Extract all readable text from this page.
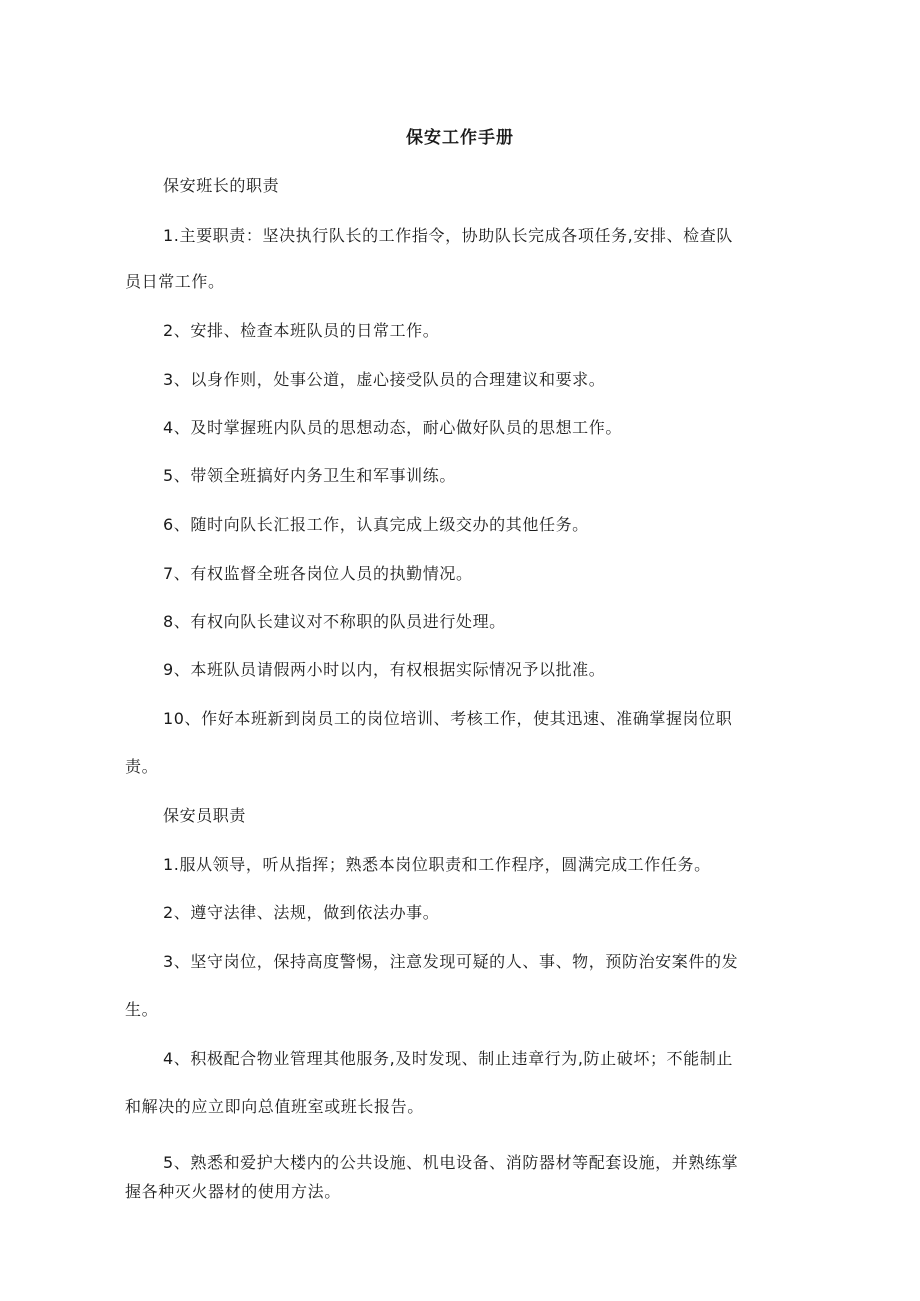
保安工作手册
保安班长的职责
1.主要职责：坚决执行队长的工作指令，协助队长完成各项任务,安排、检查队
员日常工作。
2、安排、检查本班队员的日常工作。
3、以身作则，处事公道，虚心接受队员的合理建议和要求。
4、及时掌握班内队员的思想动态，耐心做好队员的思想工作。
5、带领全班搞好内务卫生和军事训练。
6、随时向队长汇报工作，认真完成上级交办的其他任务。
7、有权监督全班各岗位人员的执勤情况。
8、有权向队长建议对不称职的队员进行处理。
9、本班队员请假两小时以内，有权根据实际情况予以批准。
10、作好本班新到岗员工的岗位培训、考核工作，使其迅速、准确掌握岗位职
责。
保安员职责
1.服从领导，听从指挥；熟悉本岗位职责和工作程序，圆满完成工作任务。
2、遵守法律、法规，做到依法办事。
3、坚守岗位，保持高度警惕，注意发现可疑的人、事、物，预防治安案件的发
生。
4、积极配合物业管理其他服务,及时发现、制止违章行为,防止破坏；不能制止
和解决的应立即向总值班室或班长报告。
5、熟悉和爱护大楼内的公共设施、机电设备、消防器材等配套设施，并熟练掌
握各种灭火器材的使用方法。
